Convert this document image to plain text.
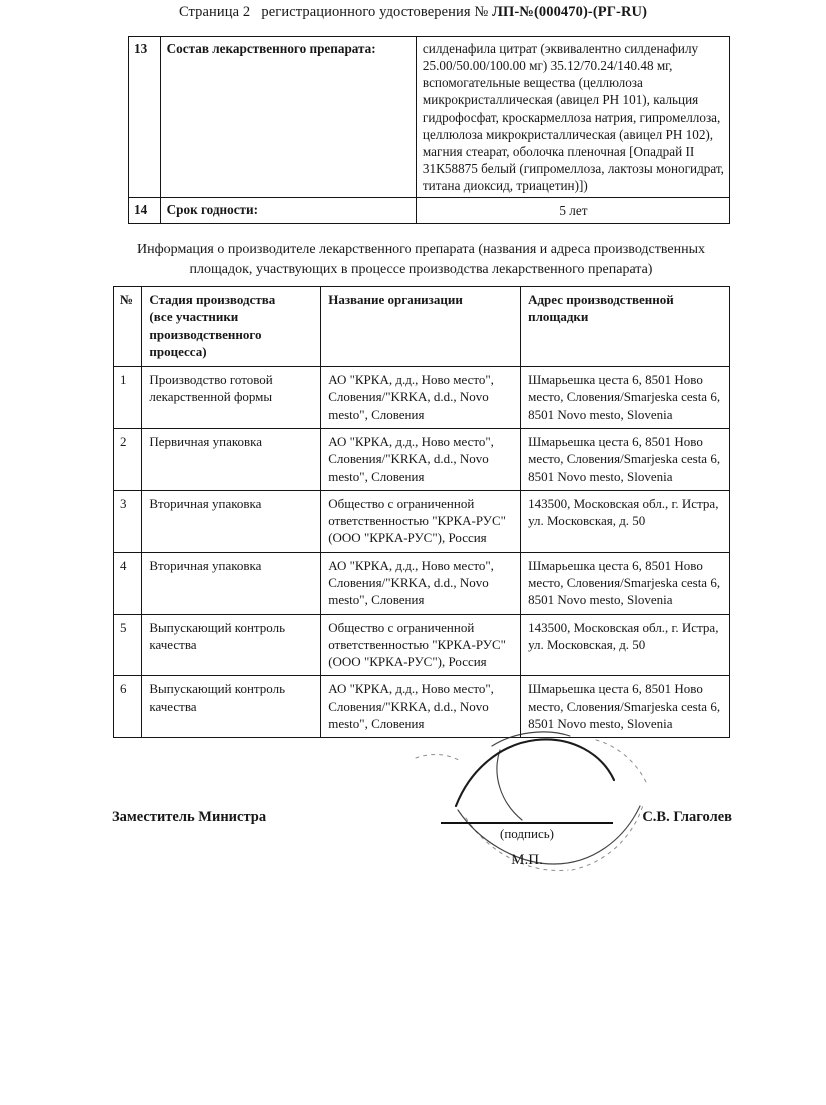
Страница 2 регистрационного удостоверения № ЛП-№(000470)-(РГ-RU)
13	Состав лекарственного препарата:	силденафила цитрат (эквивалентно силденафилу
25.00/50.00/100.00 мг) 35.12/70.24/140.48 мг,
вспомогательные вещества (целлюлоза
микрокристаллическая (авицел PH 101), кальция
гидрофосфат, кроскармеллоза натрия, гипромеллоза,
целлюлоза микрокристаллическая (авицел PH 102),
магния стеарат, оболочка пленочная [Опадрай II
31К58875 белый (гипромеллоза, лактозы моногидрат,
титана диоксид, триацетин)])

14	Срок годности:	5 лет
Информация о производителе лекарственного препарата (названия и адреса производственных площадок, участвующих в процессе производства лекарственного препарата)
№	Стадия производства
(все участники
производственного
процесса)	Название организации	Адрес производственной площадки
1	Производство готовой лекарственной формы	АО "КРКА, д.д., Ново место", Словения/"KRKA, d.d., Novo mesto", Словения	Шмарьешка цеста 6, 8501 Ново место, Словения/Smarjeska cesta 6, 8501 Novo mesto, Slovenia
2	Первичная упаковка	АО "КРКА, д.д., Ново место", Словения/"KRKA, d.d., Novo mesto", Словения	Шмарьешка цеста 6, 8501 Ново место, Словения/Smarjeska cesta 6, 8501 Novo mesto, Slovenia
3	Вторичная упаковка	Общество с ограниченной ответственностью "КРКА-РУС" (ООО "КРКА-РУС"), Россия	143500, Московская обл., г. Истра, ул. Московская, д. 50
4	Вторичная упаковка	АО "КРКА, д.д., Ново место", Словения/"KRKA, d.d., Novo mesto", Словения	Шмарьешка цеста 6, 8501 Ново место, Словения/Smarjeska cesta 6, 8501 Novo mesto, Slovenia
5	Выпускающий контроль качества	Общество с ограниченной ответственностью "КРКА-РУС" (ООО "КРКА-РУС"), Россия	143500, Московская обл., г. Истра, ул. Московская, д. 50
6	Выпускающий контроль качества	АО "КРКА, д.д., Ново место", Словения/"KRKA, d.d., Novo mesto", Словения	Шмарьешка цеста 6, 8501 Ново место, Словения/Smarjeska cesta 6, 8501 Novo mesto, Slovenia
Заместитель Министра	С.В. Глаголев
(подпись)
М.П.
